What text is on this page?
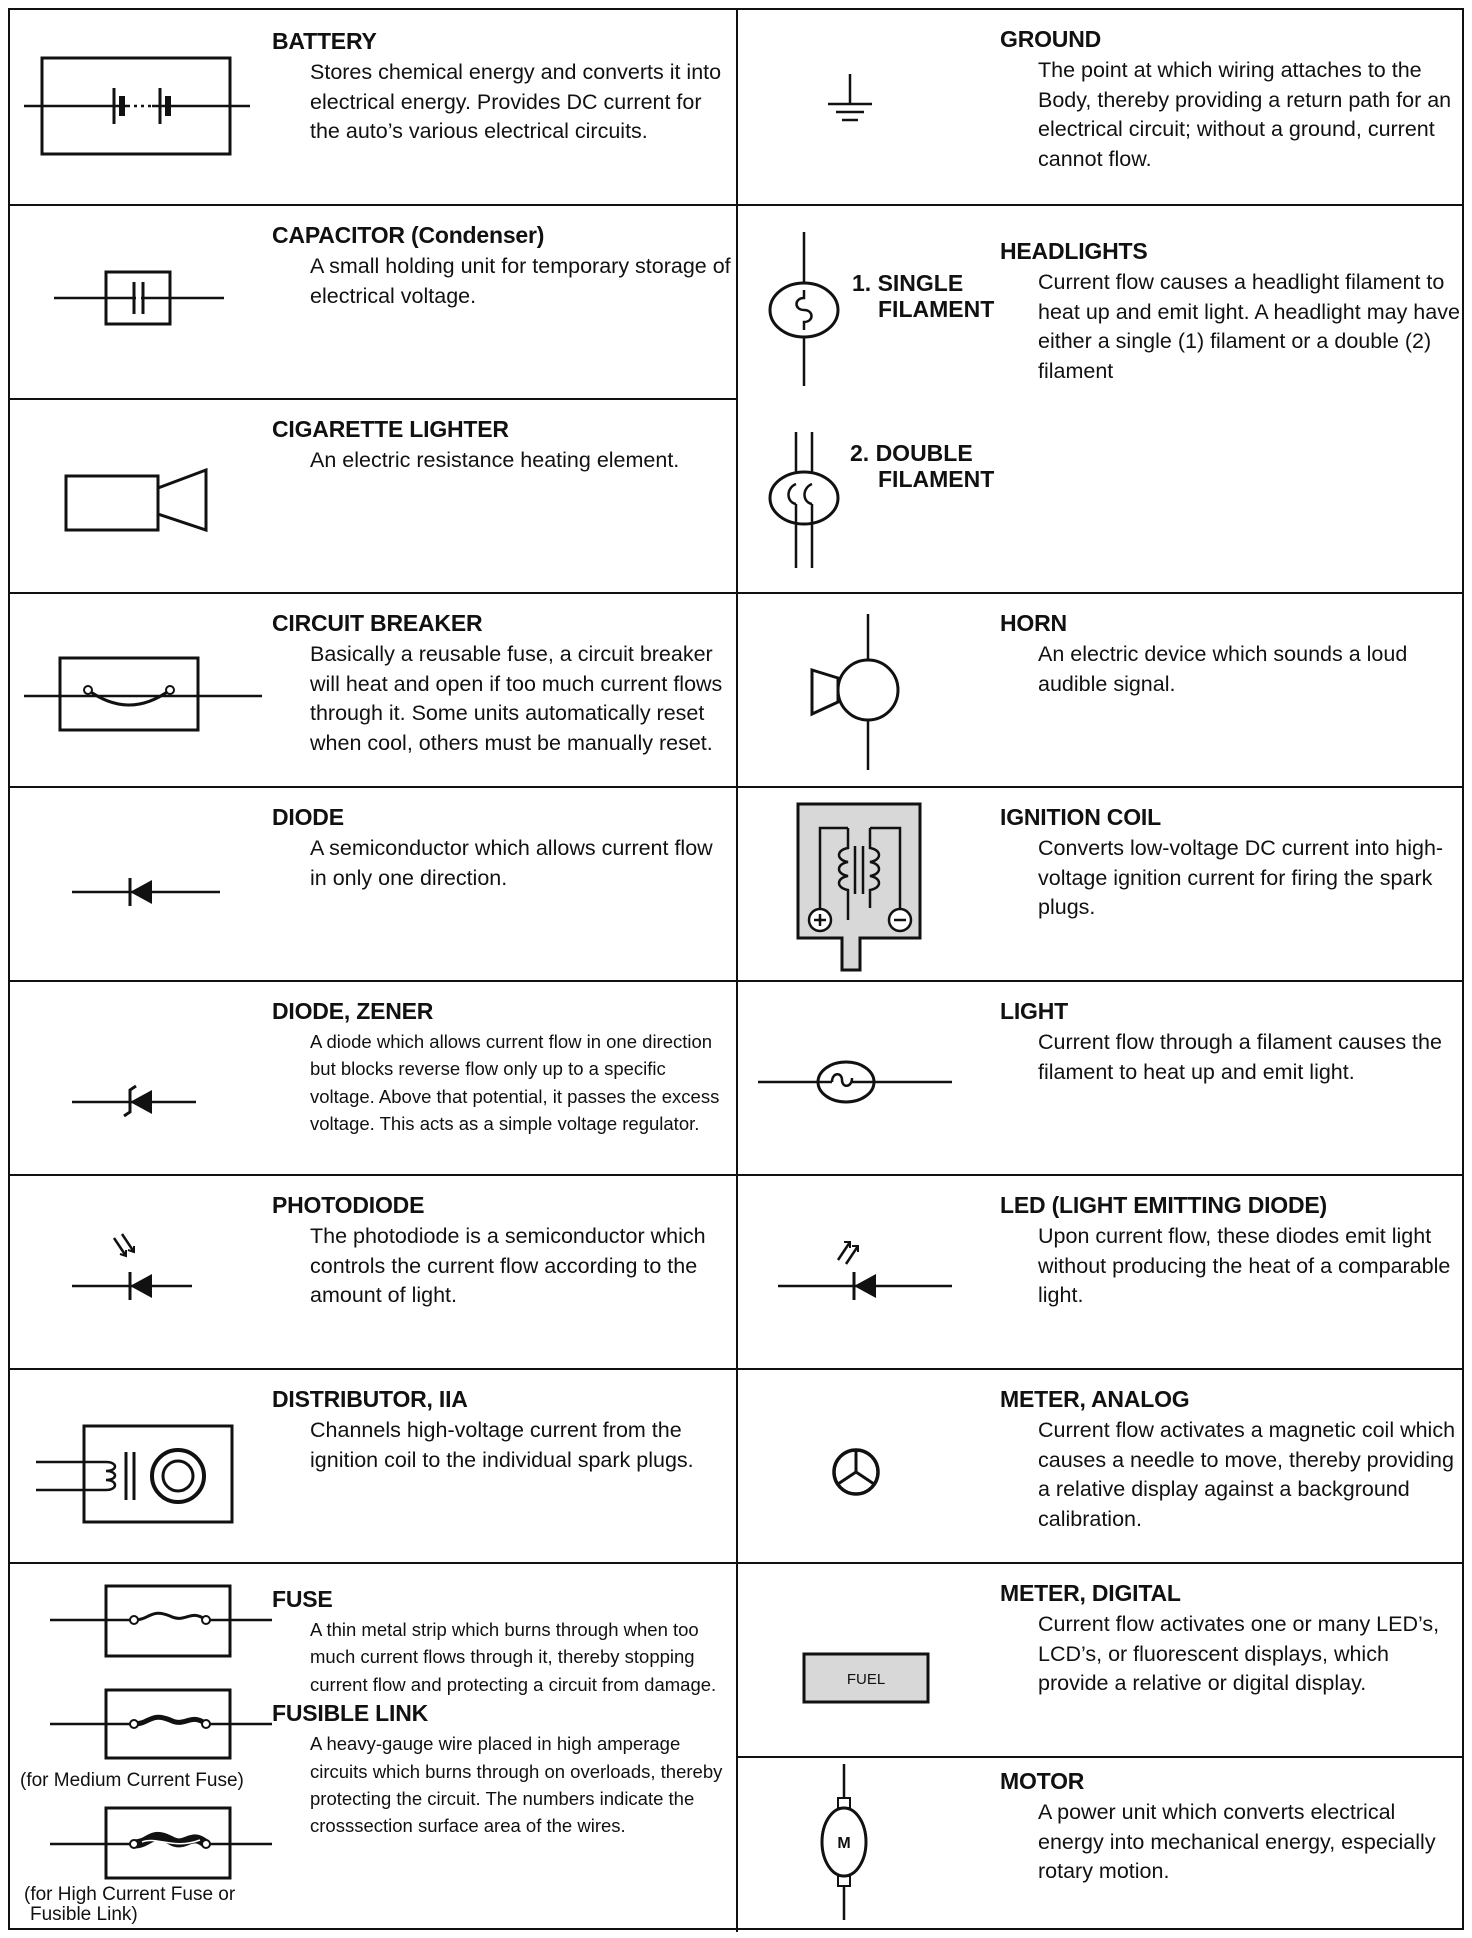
BATTERY
Stores chemical energy and converts it into electrical energy. Provides DC current for the auto’s various electrical circuits.
CAPACITOR (Condenser)
A small holding unit for temporary storage of electrical voltage.
CIGARETTE LIGHTER
An electric resistance heating element.
CIRCUIT BREAKER
Basically a reusable fuse, a circuit breaker will heat and open if too much current flows through it. Some units automatically reset when cool, others must be manually reset.
DIODE
A semiconductor which allows current flow in only one direction.
DIODE, ZENER
A diode which allows current flow in one direction but blocks reverse flow only up to a specific voltage. Above that potential, it passes the excess voltage. This acts as a simple voltage regulator.
PHOTODIODE
The photodiode is a semiconductor which controls the current flow according to the amount of light.
DISTRIBUTOR, IIA
Channels high-voltage current from the ignition coil to the individual spark plugs.
(for Medium Current Fuse)
(for High Current Fuse or
Fusible Link)
FUSE
A thin metal strip which burns through when too much current flows through it, thereby stopping current flow and protecting a circuit from damage.
FUSIBLE LINK
A heavy-gauge wire placed in high amperage circuits which burns through on overloads, thereby protecting the circuit. The numbers indicate the crosssection surface area of the wires.
GROUND
The point at which wiring attaches to the Body, thereby providing a return path for an electrical circuit; without a ground, current cannot flow.
1. SINGLE
FILAMENT
2. DOUBLE
FILAMENT
HEADLIGHTS
Current flow causes a headlight filament to heat up and emit light. A headlight may have either a single (1) filament or a double (2) filament
HORN
An electric device which sounds a loud audible signal.
IGNITION COIL
Converts low-voltage DC current into high-voltage ignition current for firing the spark plugs.
LIGHT
Current flow through a filament causes the filament to heat up and emit light.
LED (LIGHT EMITTING DIODE)
Upon current flow, these diodes emit light without producing the heat of a comparable light.
METER, ANALOG
Current flow activates a magnetic coil which causes a needle to move, thereby providing a relative display against a background calibration.
FUEL
METER, DIGITAL
Current flow activates one or many LED’s, LCD’s, or fluorescent displays, which provide a relative or digital display.
M
MOTOR
A power unit which converts electrical energy into mechanical energy, especially rotary motion.
